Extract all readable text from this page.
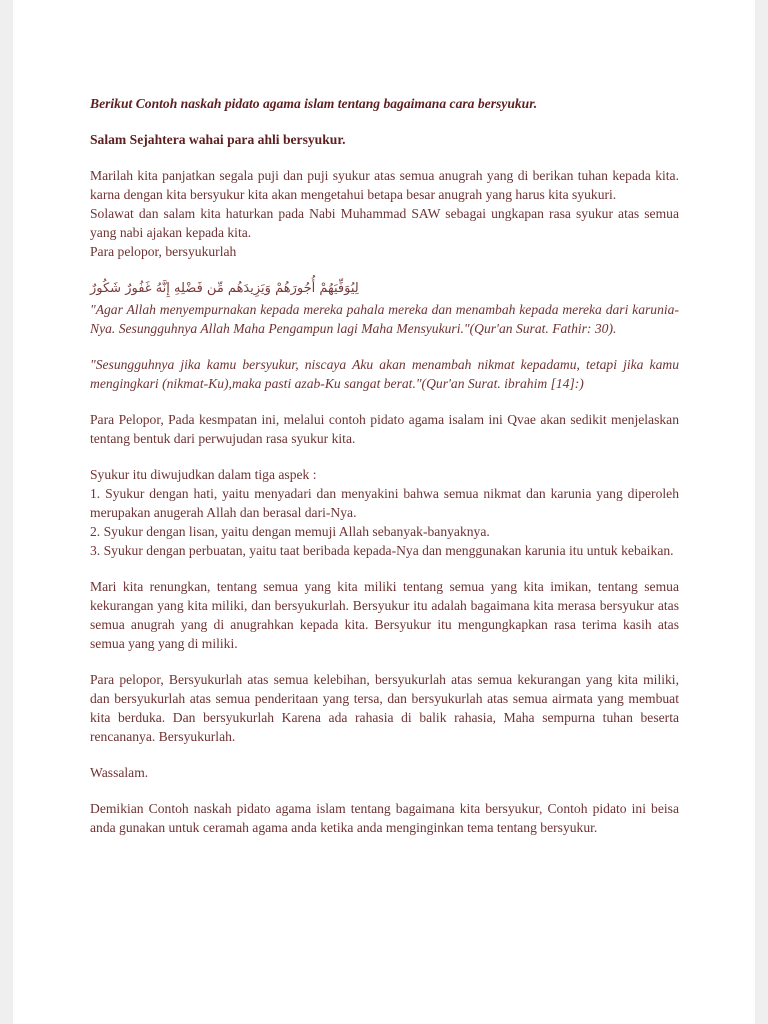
Berikut Contoh naskah pidato agama islam tentang bagaimana cara bersyukur.
Salam Sejahtera wahai para ahli bersyukur.
Marilah kita panjatkan segala puji dan puji syukur atas semua anugrah yang di berikan tuhan kepada kita. karna dengan kita bersyukur kita akan mengetahui betapa besar anugrah yang harus kita syukuri.
Solawat dan salam kita haturkan pada Nabi Muhammad SAW sebagai ungkapan rasa syukur atas semua yang nabi ajakan kepada kita.
Para pelopor, bersyukurlah
لِيُوَفِّيَهُمْ أُجُورَهُمْ وَيَزِيدَهُم مِّن فَضْلِهِ إِنَّهُ غَفُورٌ شَكُورٌ
"Agar Allah menyempurnakan kepada mereka pahala mereka dan menambah kepada mereka dari karunia-Nya. Sesungguhnya Allah Maha Pengampun lagi Maha Mensyukuri."(Qur'an Surat. Fathir: 30).
"Sesungguhnya jika kamu bersyukur, niscaya Aku akan menambah nikmat kepadamu, tetapi jika kamu mengingkari (nikmat-Ku),maka pasti azab-Ku sangat berat."(Qur'an Surat. ibrahim [14]:)
Para Pelopor, Pada kesmpatan ini, melalui contoh pidato agama isalam ini Qvae akan sedikit menjelaskan tentang bentuk dari perwujudan rasa syukur kita.
Syukur itu diwujudkan dalam tiga aspek :
1. Syukur dengan hati, yaitu menyadari dan menyakini bahwa semua nikmat dan karunia yang diperoleh merupakan anugerah Allah dan berasal dari-Nya.
2. Syukur dengan lisan, yaitu dengan memuji Allah sebanyak-banyaknya.
3. Syukur dengan perbuatan, yaitu taat beribada kepada-Nya dan menggunakan karunia itu untuk kebaikan.
Mari kita renungkan, tentang semua yang kita miliki tentang semua yang kita imikan, tentang semua kekurangan yang kita miliki, dan bersyukurlah. Bersyukur itu adalah bagaimana kita merasa bersyukur atas semua anugrah yang di anugrahkan kepada kita. Bersyukur itu mengungkapkan rasa terima kasih atas semua yang yang di miliki.
Para pelopor, Bersyukurlah atas semua kelebihan, bersyukurlah atas semua kekurangan yang kita miliki, dan bersyukurlah atas semua penderitaan yang tersa, dan bersyukurlah atas semua airmata yang membuat kita berduka. Dan bersyukurlah Karena ada rahasia di balik rahasia, Maha sempurna tuhan beserta rencananya. Bersyukurlah.
Wassalam.
Demikian Contoh naskah pidato agama islam tentang bagaimana kita bersyukur, Contoh pidato ini beisa anda gunakan untuk ceramah agama anda ketika anda menginginkan tema tentang bersyukur.
